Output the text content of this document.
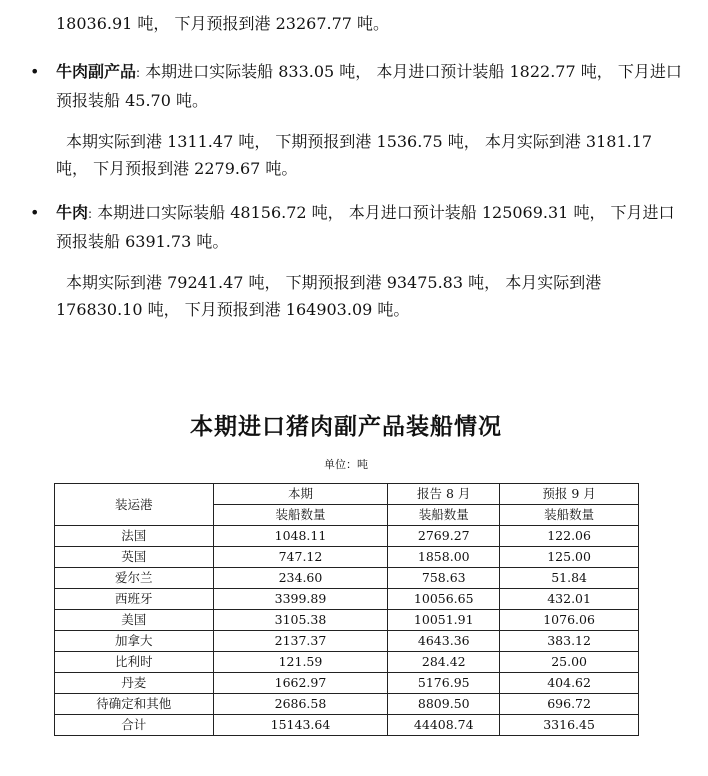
18036.91 吨， 下月预报到港 23267.77 吨。

• 牛肉副产品: 本期进口实际装船 833.05 吨， 本月进口预计装船 1822.77 吨， 下月进口预报装船 45.70 吨。

本期实际到港 1311.47 吨， 下期预报到港 1536.75 吨， 本月实际到港 3181.17 吨， 下月预报到港 2279.67 吨。

• 牛肉: 本期进口实际装船 48156.72 吨， 本月进口预计装船 125069.31 吨， 下月进口预报装船 6391.73 吨。

本期实际到港 79241.47 吨， 下期预报到港 93475.83 吨， 本月实际到港 176830.10 吨， 下月预报到港 164903.09 吨。

本期进口猪肉副产品装船情况
单位：吨
装运港	本期	报告 8 月	预报 9 月
	装船数量	装船数量	装船数量
法国	1048.11	2769.27	122.06
英国	747.12	1858.00	125.00
爱尔兰	234.60	758.63	51.84
西班牙	3399.89	10056.65	432.01
美国	3105.38	10051.91	1076.06
加拿大	2137.37	4643.36	383.12
比利时	121.59	284.42	25.00
丹麦	1662.97	5176.95	404.62
待确定和其他	2686.58	8809.50	696.72
合计	15143.64	44408.74	3316.45
